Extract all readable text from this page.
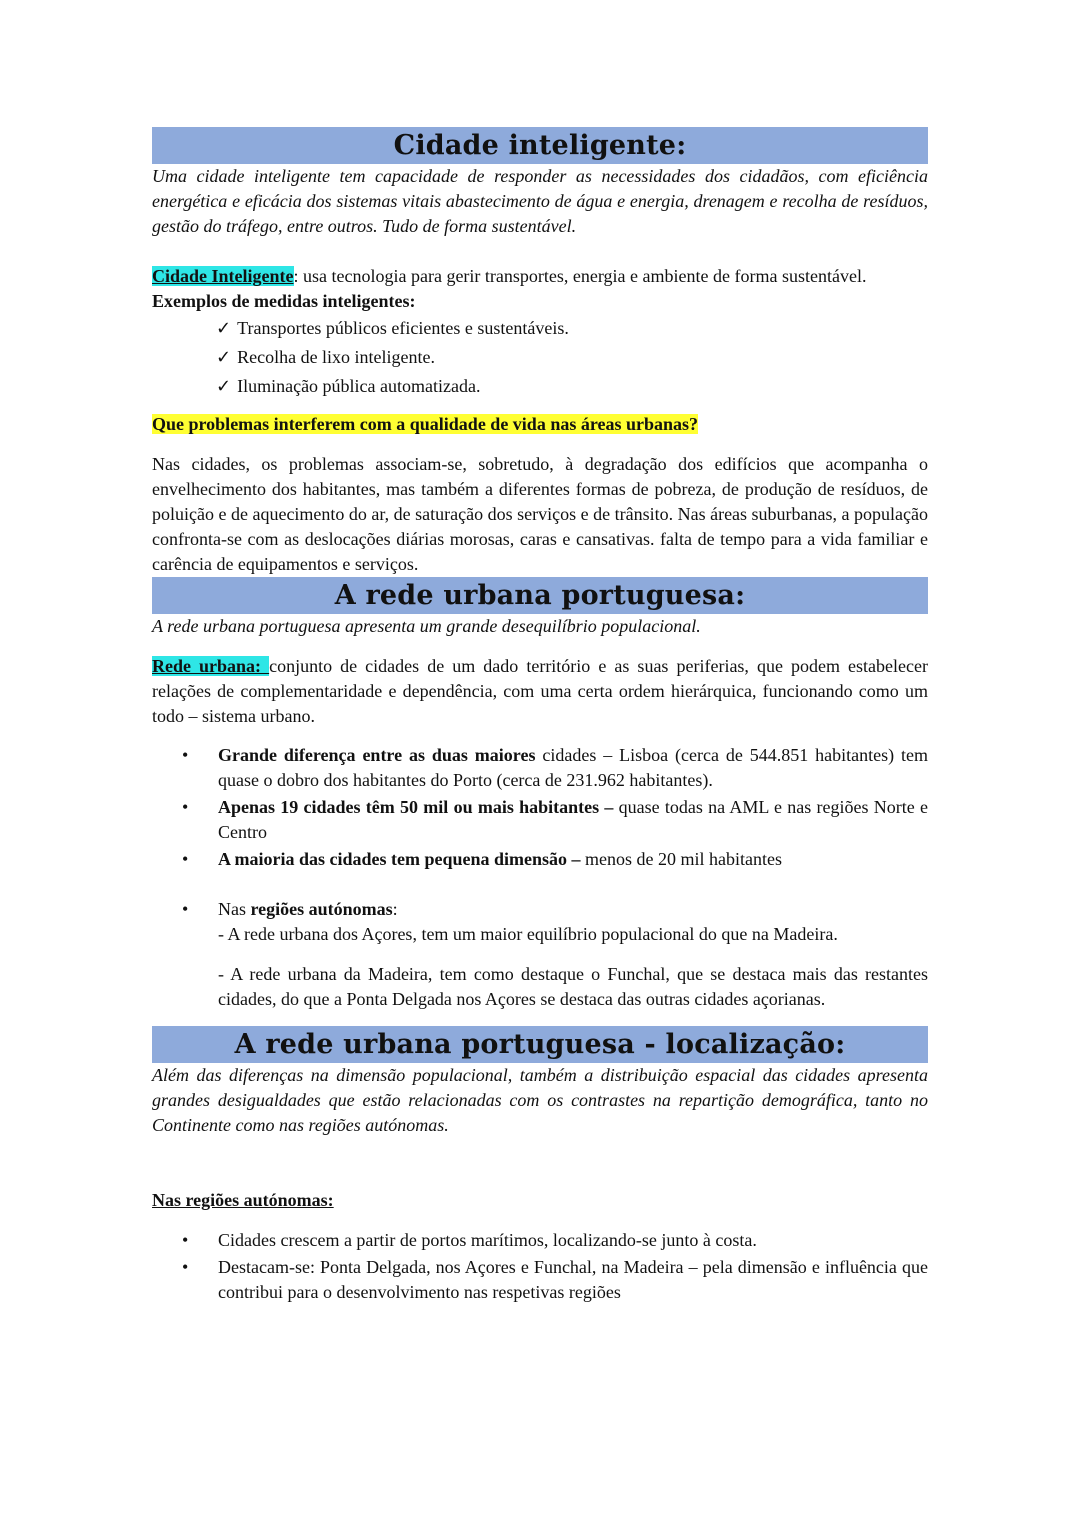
Cidade inteligente:

Uma cidade inteligente tem capacidade de responder as necessidades dos cidadãos, com eficiência energética e eficácia dos sistemas vitais abastecimento de água e energia, drenagem e recolha de resíduos, gestão do tráfego, entre outros. Tudo de forma sustentável.

Cidade Inteligente: usa tecnologia para gerir transportes, energia e ambiente de forma sustentável.

Exemplos de medidas inteligentes:

✓ Transportes públicos eficientes e sustentáveis.
✓ Recolha de lixo inteligente.
✓ Iluminação pública automatizada.

Que problemas interferem com a qualidade de vida nas áreas urbanas?

Nas cidades, os problemas associam-se, sobretudo, à degradação dos edifícios que acompanha o envelhecimento dos habitantes, mas também a diferentes formas de pobreza, de produção de resíduos, de poluição e de aquecimento do ar, de saturação dos serviços e de trânsito. Nas áreas suburbanas, a população confronta-se com as deslocações diárias morosas, caras e cansativas. falta de tempo para a vida familiar e carência de equipamentos e serviços.

A rede urbana portuguesa:

A rede urbana portuguesa apresenta um grande desequilíbrio populacional.

Rede urbana: conjunto de cidades de um dado território e as suas periferias, que podem estabelecer relações de complementaridade e dependência, com uma certa ordem hierárquica, funcionando como um todo – sistema urbano.

• Grande diferença entre as duas maiores cidades – Lisboa (cerca de 544.851 habitantes) tem quase o dobro dos habitantes do Porto (cerca de 231.962 habitantes).
• Apenas 19 cidades têm 50 mil ou mais habitantes – quase todas na AML e nas regiões Norte e Centro
• A maioria das cidades tem pequena dimensão – menos de 20 mil habitantes
• Nas regiões autónomas:
- A rede urbana dos Açores, tem um maior equilíbrio populacional do que na Madeira.
- A rede urbana da Madeira, tem como destaque o Funchal, que se destaca mais das restantes cidades, do que a Ponta Delgada nos Açores se destaca das outras cidades açorianas.
A rede urbana portuguesa - localização:

Além das diferenças na dimensão populacional, também a distribuição espacial das cidades apresenta grandes desigualdades que estão relacionadas com os contrastes na repartição demográfica, tanto no Continente como nas regiões autónomas.

Nas regiões autónomas:

• Cidades crescem a partir de portos marítimos, localizando-se junto à costa.
• Destacam-se: Ponta Delgada, nos Açores e Funchal, na Madeira – pela dimensão e influência que contribui para o desenvolvimento nas respetivas regiões
